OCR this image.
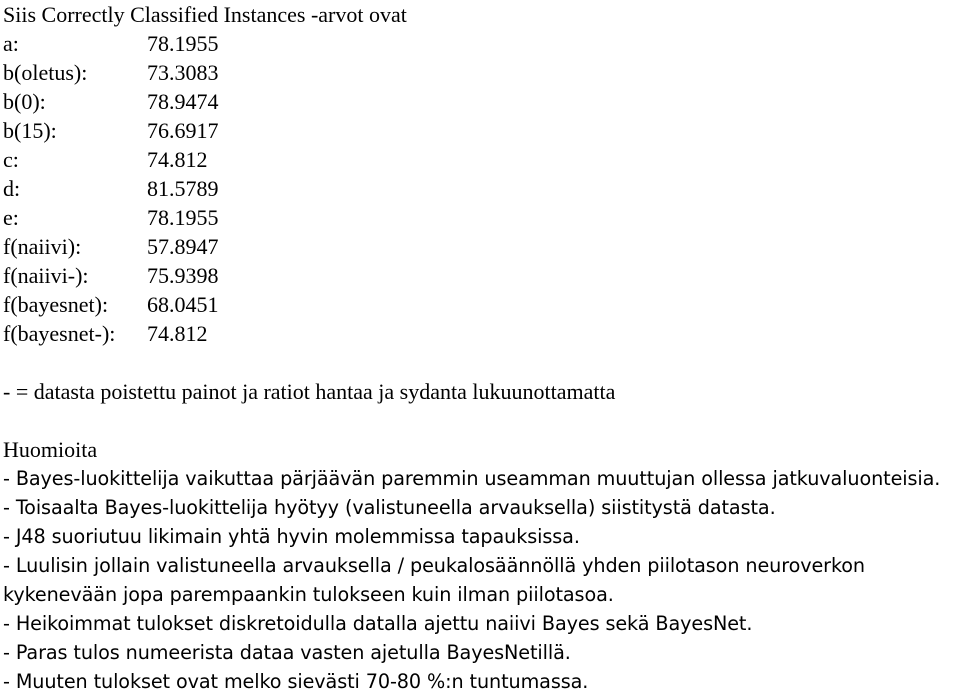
Siis Correctly Classified Instances -arvot ovat
a:	78.1955
b(oletus):	73.3083
b(0):	78.9474
b(15):	76.6917
c:	74.812
d:	81.5789
e:	78.1955
f(naiivi):	57.8947
f(naiivi-):	75.9398
f(bayesnet):	68.0451
f(bayesnet-):	74.812
- = datasta poistettu painot ja ratiot hantaa ja sydanta lukuunottamatta
Huomioita
- Bayes-luokittelija vaikuttaa pärjäävän paremmin useamman muuttujan ollessa jatkuvaluonteisia.
- Toisaalta Bayes-luokittelija hyötyy (valistuneella arvauksella) siistitystä datasta.
- J48 suoriutuu likimain yhtä hyvin molemmissa tapauksissa.
- Luulisin jollain valistuneella arvauksella / peukalosäännöllä yhden piilotason neuroverkon
kykenevään jopa parempaankin tulokseen kuin ilman piilotasoa.
- Heikoimmat tulokset diskretoidulla datalla ajettu naiivi Bayes sekä BayesNet.
- Paras tulos numeerista dataa vasten ajetulla BayesNetillä.
- Muuten tulokset ovat melko sievästi 70-80 %:n tuntumassa.
